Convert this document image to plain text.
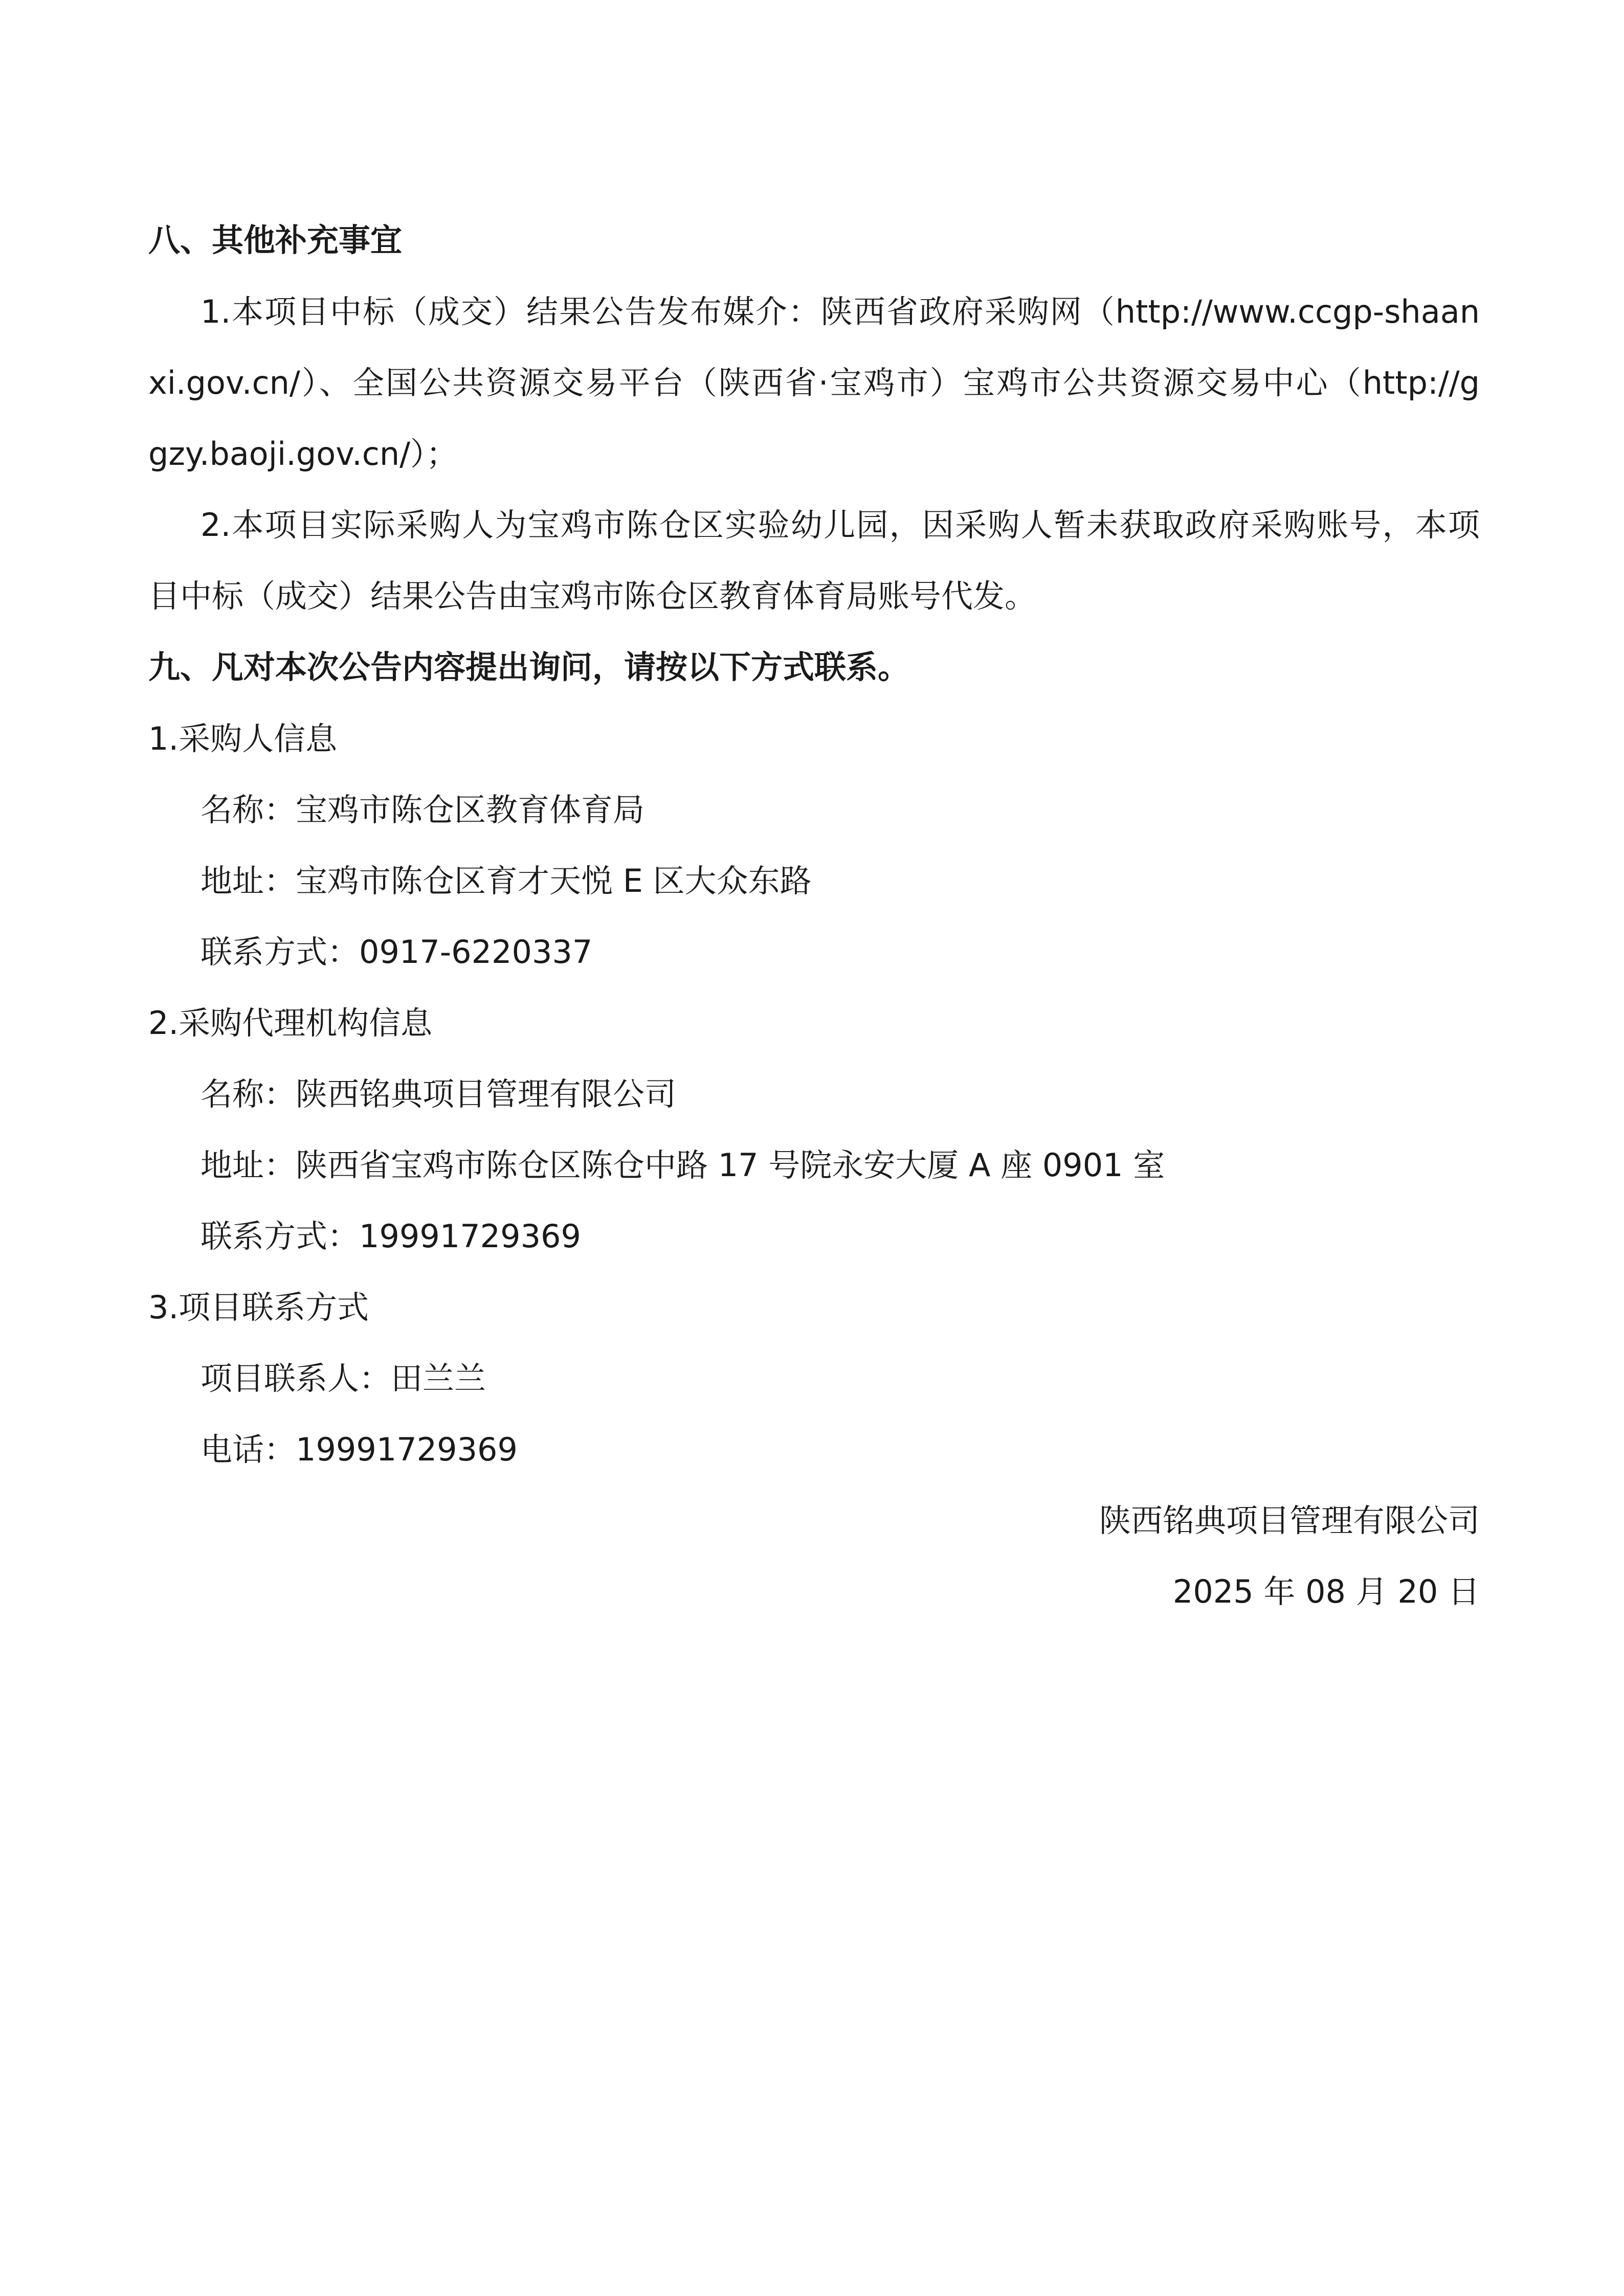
八、其他补充事宜
1.本项目中标（成交）结果公告发布媒介：陕西省政府采购网（http://www.ccgp-shaan
xi.gov.cn/）、全国公共资源交易平台（陕西省·宝鸡市）宝鸡市公共资源交易中心（http://g
gzy.baoji.gov.cn/）；
2.本项目实际采购人为宝鸡市陈仓区实验幼儿园，因采购人暂未获取政府采购账号，本项
目中标（成交）结果公告由宝鸡市陈仓区教育体育局账号代发。
九、凡对本次公告内容提出询问，请按以下方式联系。
1.采购人信息
名称：宝鸡市陈仓区教育体育局
地址：宝鸡市陈仓区育才天悦 E 区大众东路
联系方式：0917-6220337
2.采购代理机构信息
名称：陕西铭典项目管理有限公司
地址：陕西省宝鸡市陈仓区陈仓中路 17 号院永安大厦 A 座 0901 室
联系方式：19991729369
3.项目联系方式
项目联系人：田兰兰
电话：19991729369
陕西铭典项目管理有限公司
2025 年 08 月 20 日
